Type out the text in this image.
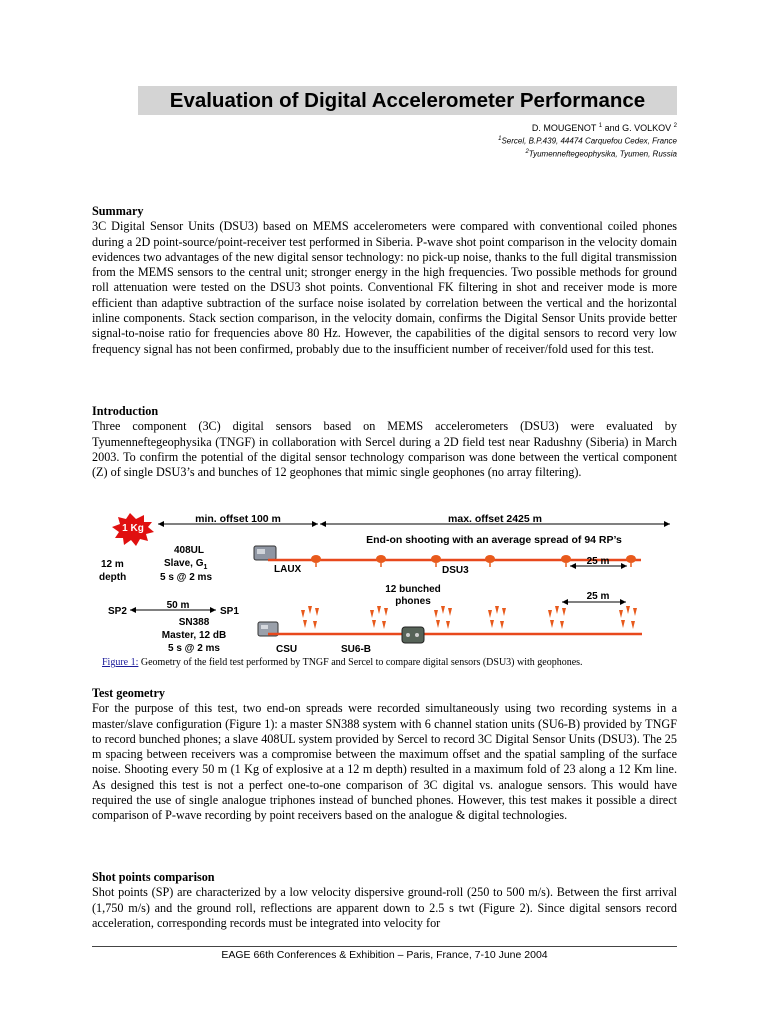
Evaluation of Digital Accelerometer Performance
D. MOUGENOT $^1$ and G. VOLKOV $^2$
$^1$Sercel, B.P.439, 44474 Carquefou Cedex, France
$^2$Tyumenneftegeophysika, Tyumen, Russia
Summary
3C Digital Sensor Units (DSU3) based on MEMS accelerometers were compared with conventional coiled phones during a 2D point-source/point-receiver test performed in Siberia. P-wave shot point comparison in the velocity domain evidences two advantages of the new digital sensor technology: no pick-up noise, thanks to the full digital transmission from the MEMS sensors to the central unit; stronger energy in the high frequencies. Two possible methods for ground roll attenuation were tested on the DSU3 shot points. Conventional FK filtering in shot and receiver mode is more efficient than adaptive subtraction of the surface noise isolated by correlation between the vertical and the horizontal inline components. Stack section comparison, in the velocity domain, confirms the Digital Sensor Units provide better signal-to-noise ratio for frequencies above 80 Hz. However, the capabilities of the digital sensors to record very low frequency signal has not been confirmed, probably due to the insufficient number of receiver/fold used for this test.
Introduction
Three component (3C) digital sensors based on MEMS accelerometers (DSU3) were evaluated by Tyumenneftegeophysika (TNGF) in collaboration with Sercel during a 2D field test near Radushny (Siberia) in March 2003. To confirm the potential of the digital sensor technology comparison was done between the vertical component (Z) of single DSU3’s and bunches of 12 geophones that mimic single geophones (no array filtering).
1 Kg
min. offset 100 m	max. offset 2425 m
End-on shooting with an average spread of 94 RP’s
12 m
depth
408UL
Slave, $G_1$
5 s @ 2 ms
LAUX	DSU3
25 m
12 bunched
phones	25 m
SP2
50 m
SP1
SN388
Master, 12 dB
5 s @ 2 ms	CSU	SU6-B
Figure 1: Geometry of the field test performed by TNGF and Sercel to compare digital sensors (DSU3) with geophones.
Test geometry
For the purpose of this test, two end-on spreads were recorded simultaneously using two recording systems in a master/slave configuration (Figure 1): a master SN388 system with 6 channel station units (SU6-B) provided by TNGF to record bunched phones; a slave 408UL system provided by Sercel to record 3C Digital Sensor Units (DSU3). The 25 m spacing between receivers was a compromise between the maximum offset and the spatial sampling of the surface noise. Shooting every 50 m (1 Kg of explosive at a 12 m depth) resulted in a maximum fold of 23 along a 12 Km line. As designed this test is not a perfect one-to-one comparison of 3C digital vs. analogue sensors. This would have required the use of single analogue triphones instead of bunched phones. However, this test makes it possible a direct comparison of P-wave recording by point receivers based on the analogue & digital technologies.
Shot points comparison
Shot points (SP) are characterized by a low velocity dispersive ground-roll (250 to 500 m/s). Between the first arrival (1,750 m/s) and the ground roll, reflections are apparent down to 2.5 s twt (Figure 2). Since digital sensors record acceleration, corresponding records must be integrated into velocity for
EAGE 66th Conferences & Exhibition – Paris, France, 7-10 June 2004
